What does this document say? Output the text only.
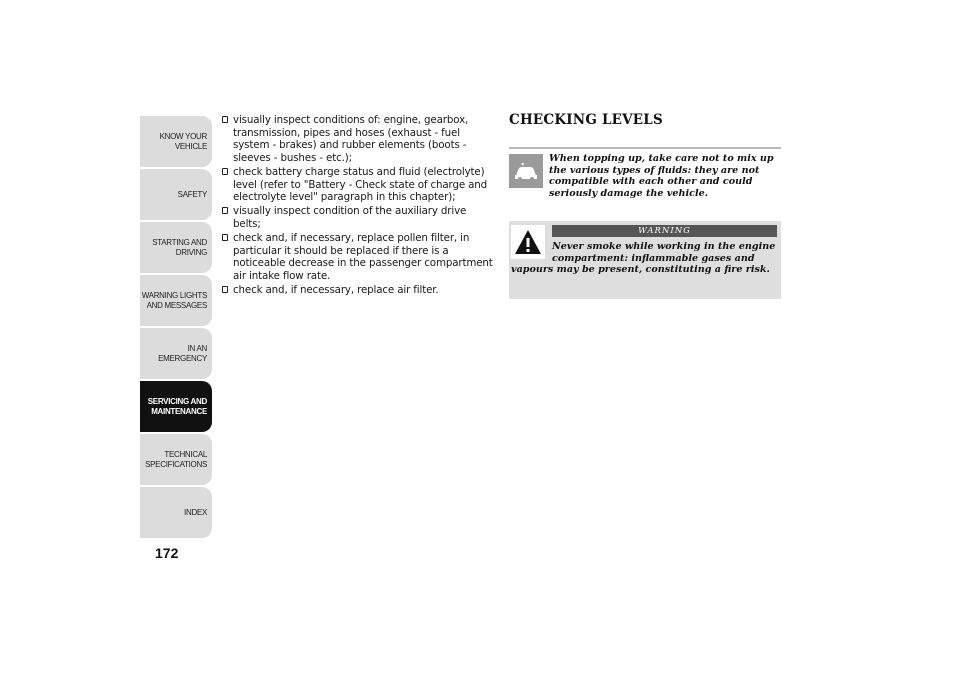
KNOW YOUR
VEHICLE
SAFETY
STARTING AND
DRIVING
WARNING LIGHTS
AND MESSAGES
IN AN EMERGENCY
SERVICING AND
MAINTENANCE
TECHNICAL
SPECIFICATIONS
INDEX
172
visually inspect conditions of: engine, gearbox, transmission, pipes and hoses (exhaust - fuel system - brakes) and rubber elements (boots - sleeves - bushes - etc.);
check battery charge status and fluid (electrolyte) level (refer to "Battery - Check state of charge and electrolyte level" paragraph in this chapter);
visually inspect condition of the auxiliary drive belts;
check and, if necessary, replace pollen filter, in particular it should be replaced if there is a noticeable decrease in the passenger compartment air intake flow rate.
check and, if necessary, replace air filter.
CHECKING LEVELS

When topping up, take care not to mix up the various types of fluids: they are not compatible with each other and could seriously damage the vehicle.

WARNING

Never smoke while working in the engine compartment: inflammable gases and vapours may be present, constituting a fire risk.
